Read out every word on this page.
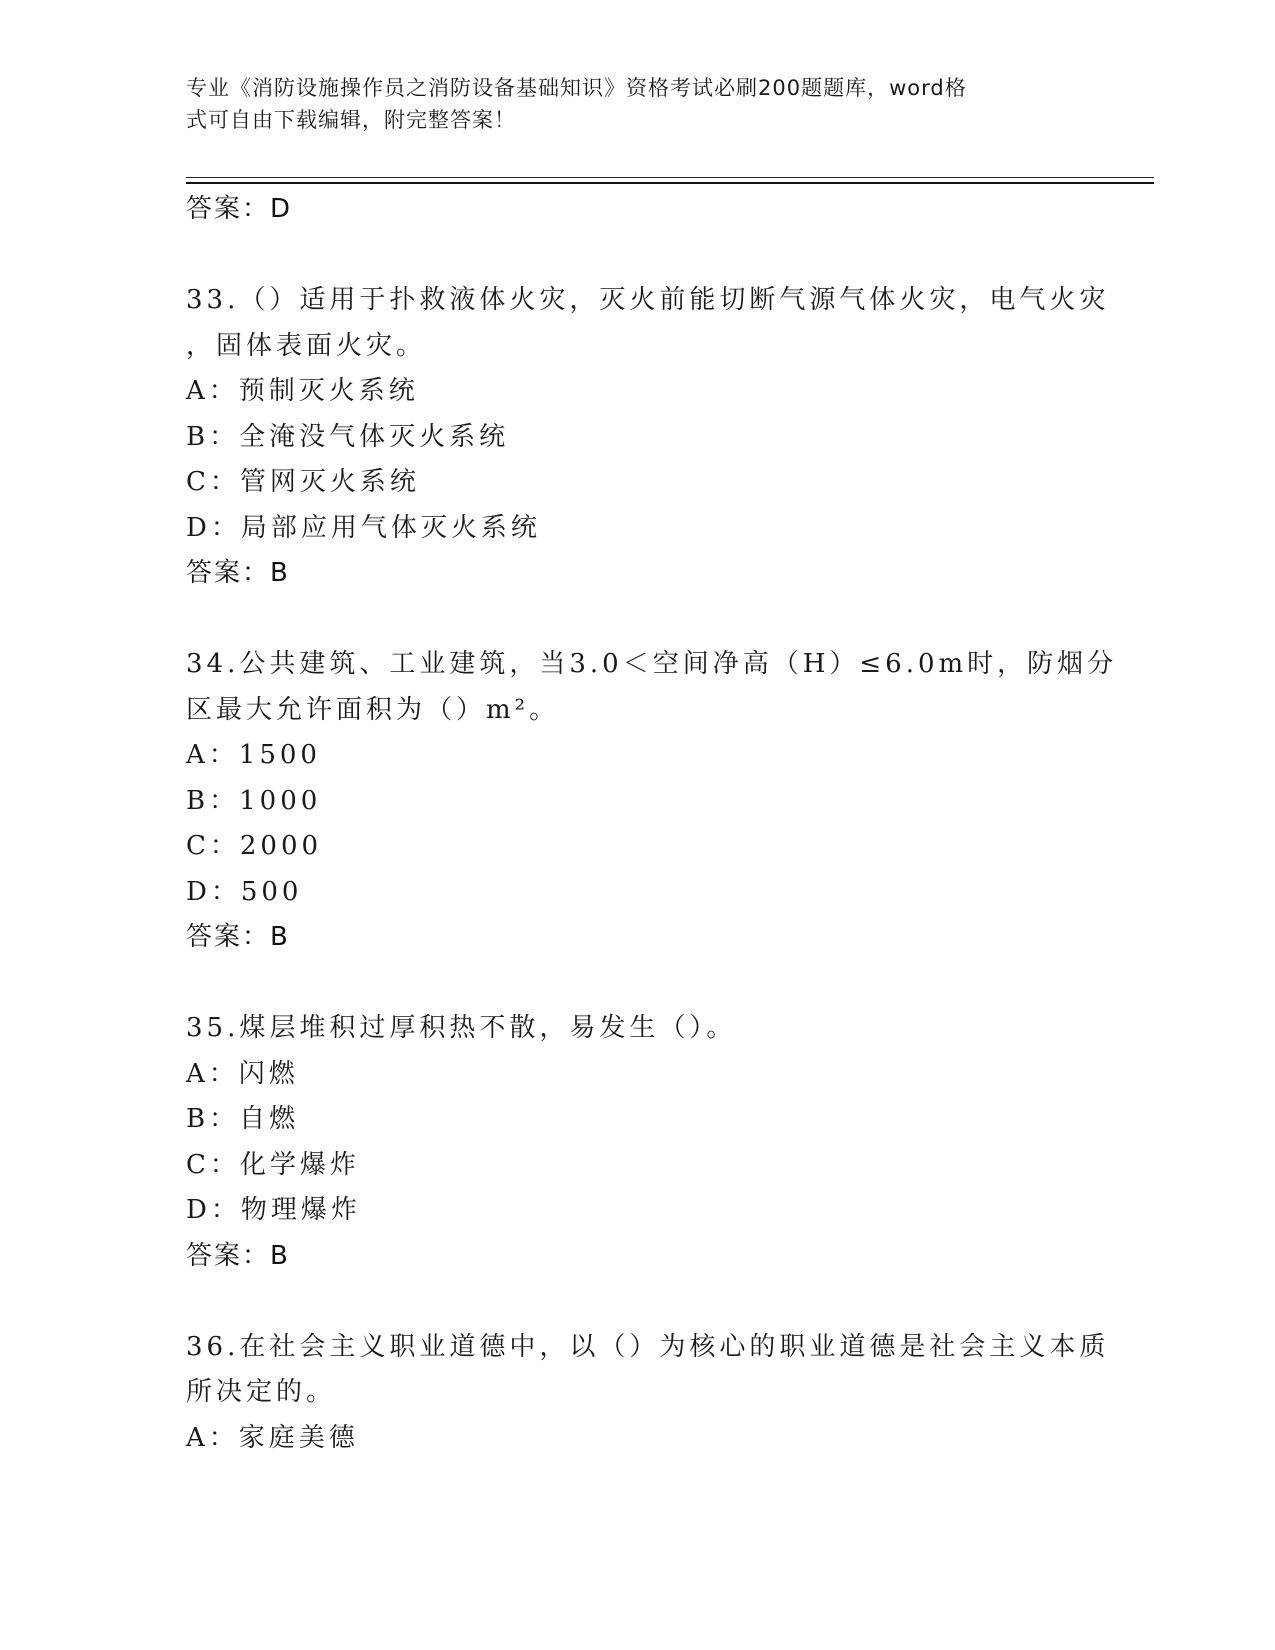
专业《消防设施操作员之消防设备基础知识》资格考试必刷200题题库，word格
式可自由下载编辑，附完整答案！
答案：D
33.（）适用于扑救液体火灾，灭火前能切断气源气体火灾，电气火灾
，固体表面火灾。
A：预制灭火系统
B：全淹没气体灭火系统
C：管网灭火系统
D：局部应用气体灭火系统
答案：B
34.公共建筑、工业建筑，当3.0＜空间净高（H）≤6.0m时，防烟分
区最大允许面积为（）m²。
A：1500
B：1000
C：2000
D：500
答案：B
35.煤层堆积过厚积热不散，易发生（）。
A：闪燃
B：自燃
C：化学爆炸
D：物理爆炸
答案：B
36.在社会主义职业道德中，以（）为核心的职业道德是社会主义本质
所决定的。
A：家庭美德
